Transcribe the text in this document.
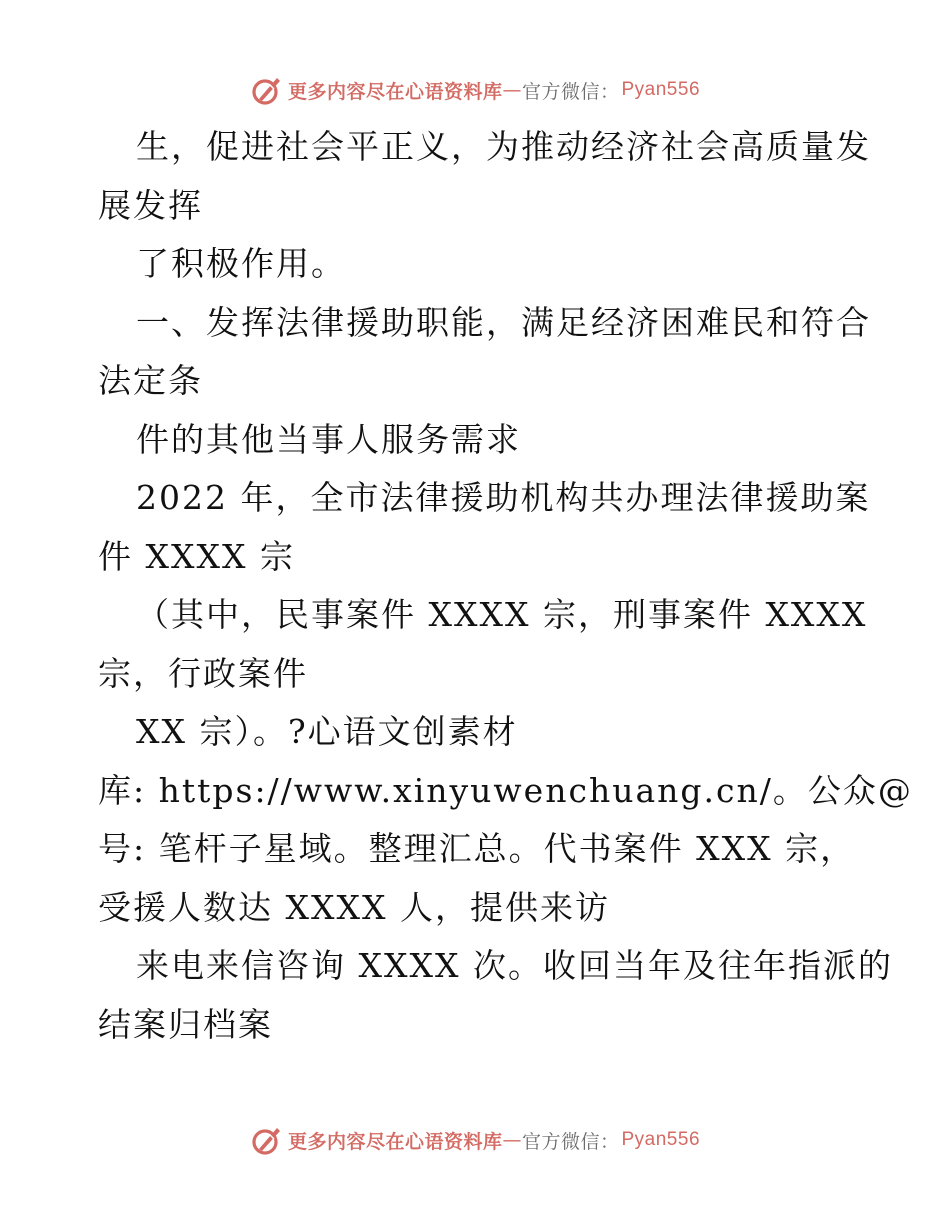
更多内容尽在心语资料库 — 官方微信： Pyan556
生，促进社会平正义，为推动经济社会高质量发
展发挥
了积极作用。
一、发挥法律援助职能，满足经济困难民和符合
法定条
件的其他当事人服务需求
2022 年，全市法律援助机构共办理法律援助案
件 XXXX 宗
（其中，民事案件 XXXX 宗，刑事案件 XXXX
宗，行政案件
XX 宗）。?心语文创素材
库: https://www.xinyuwenchuang.cn/。公众@
号: 笔杆子星域。整理汇总。代书案件 XXX 宗，
受援人数达 XXXX 人，提供来访
来电来信咨询 XXXX 次。收回当年及往年指派的
结案归档案
更多内容尽在心语资料库 — 官方微信： Pyan556
